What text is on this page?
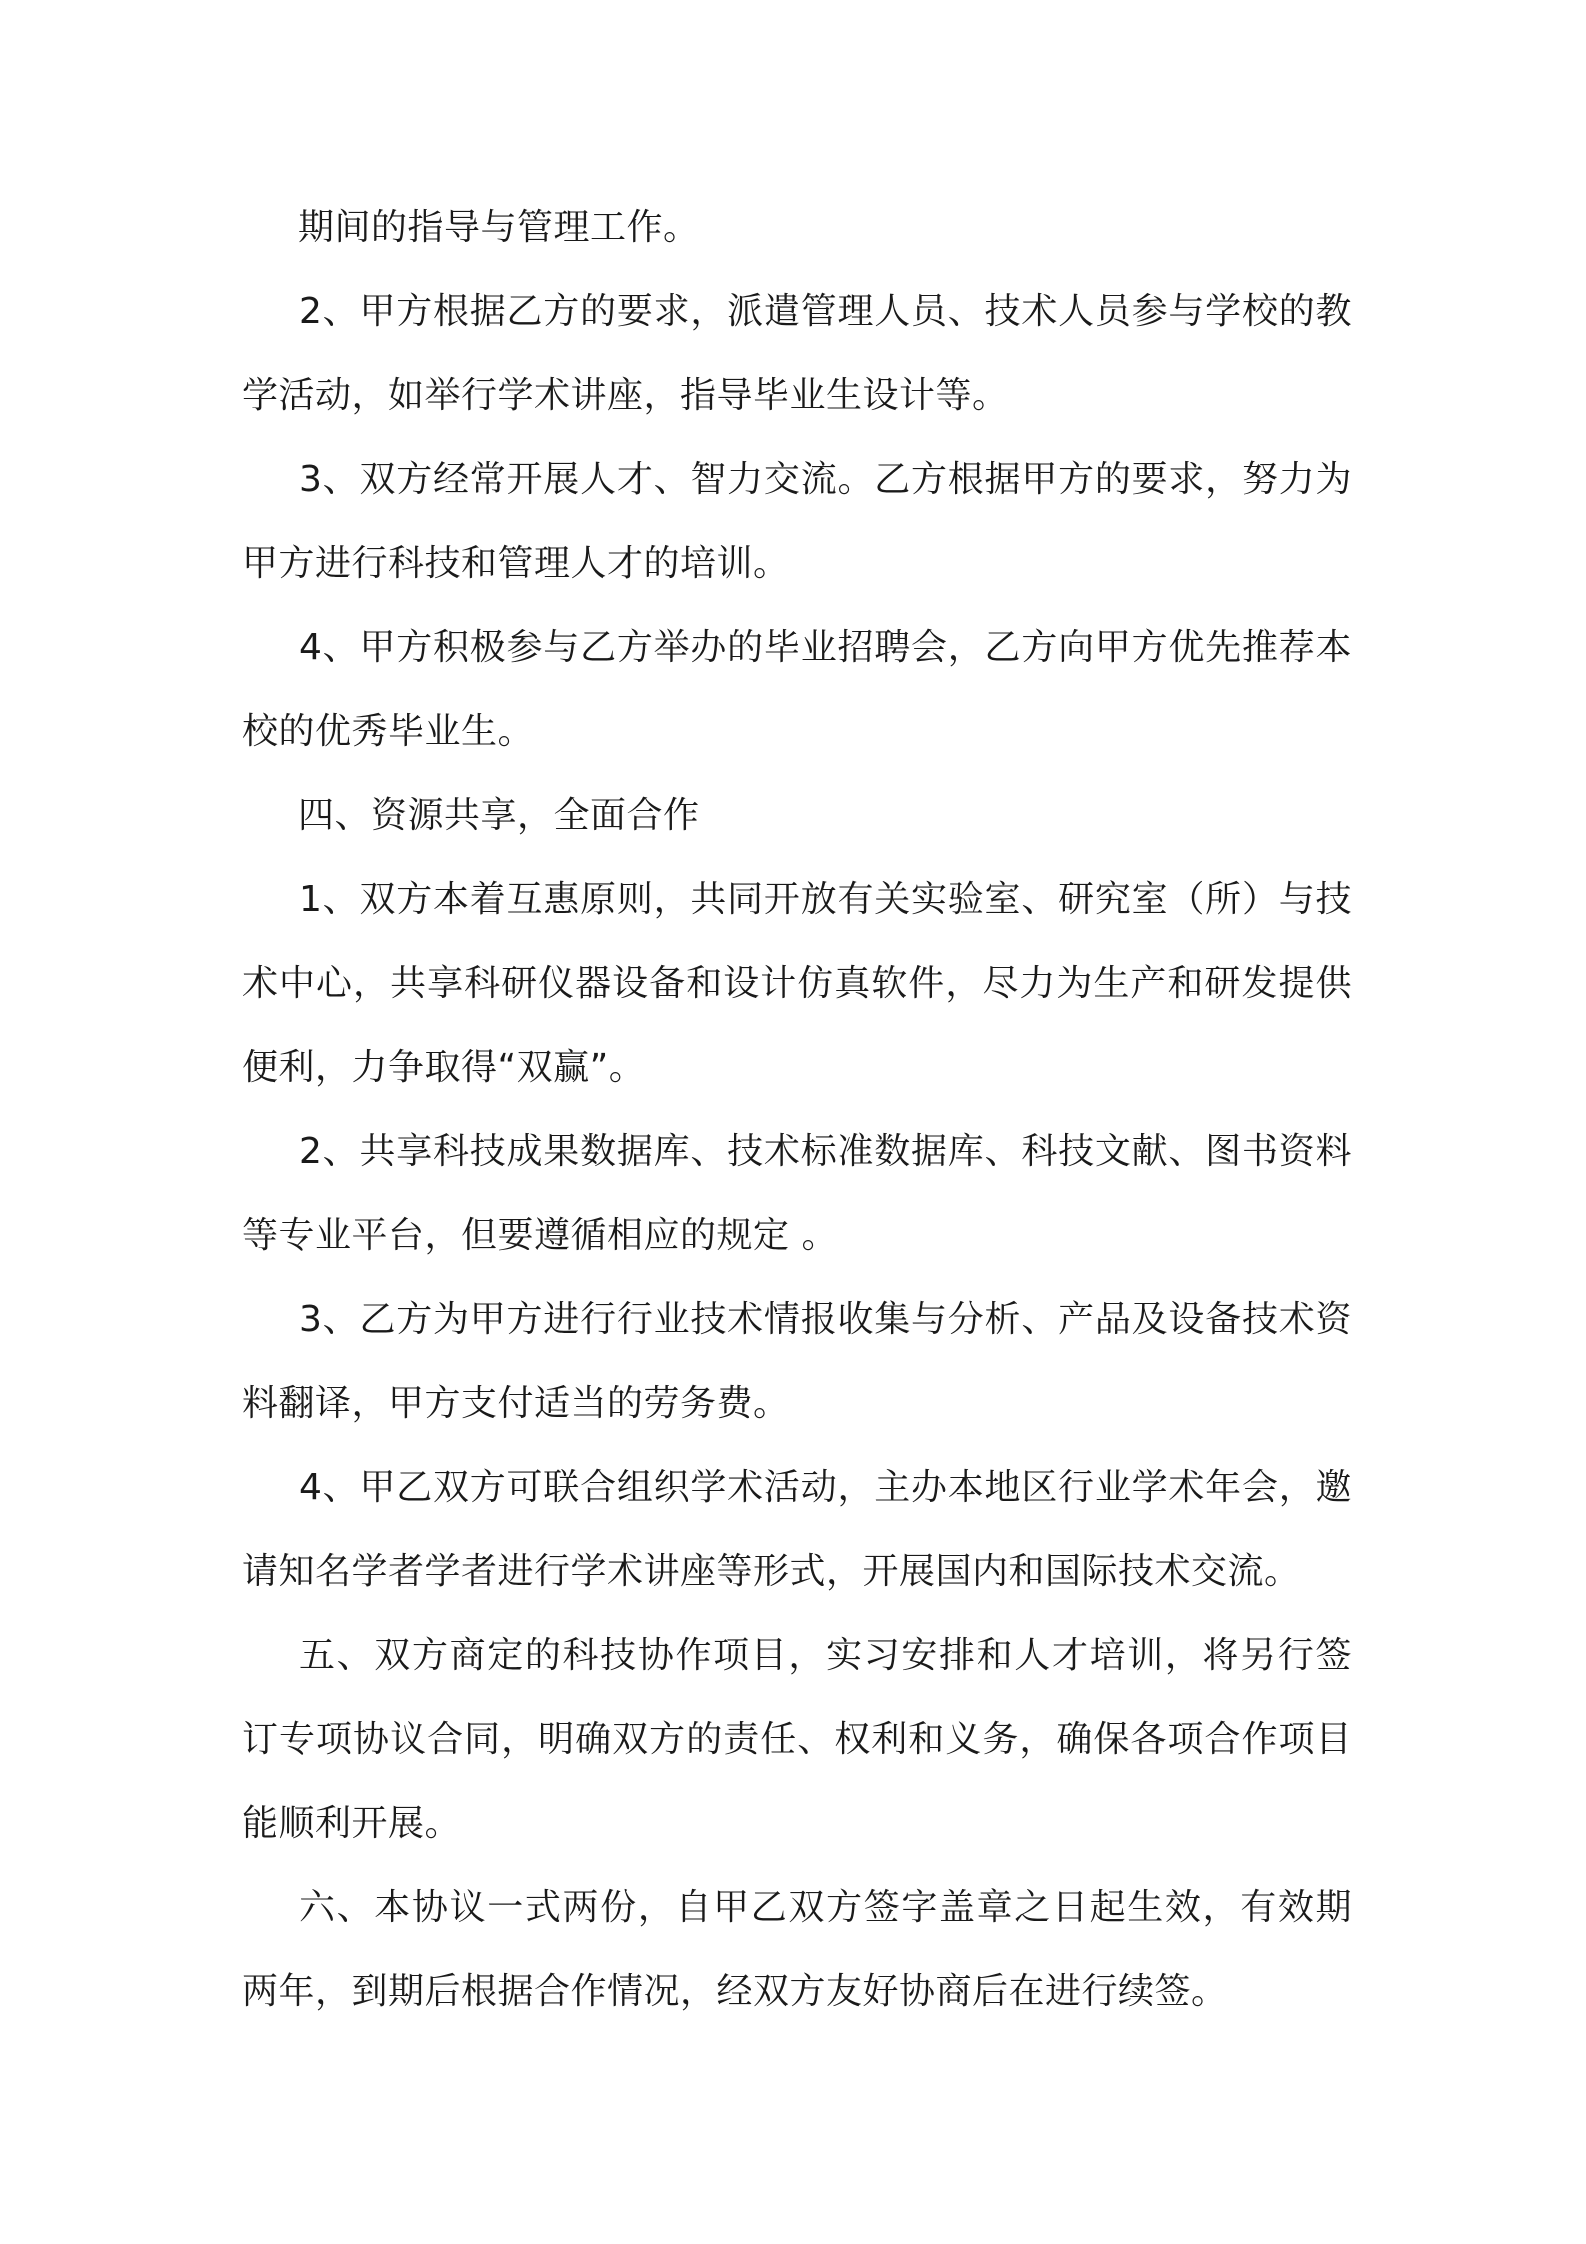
期间的指导与管理工作。

2、甲方根据乙方的要求，派遣管理人员、技术人员参与学校的教学活动，如举行学术讲座，指导毕业生设计等。

3、双方经常开展人才、智力交流。乙方根据甲方的要求，努力为甲方进行科技和管理人才的培训。

4、甲方积极参与乙方举办的毕业招聘会，乙方向甲方优先推荐本校的优秀毕业生。

四、资源共享，全面合作

1、双方本着互惠原则，共同开放有关实验室、研究室（所）与技术中心，共享科研仪器设备和设计仿真软件，尽力为生产和研发提供便利，力争取得“双赢”。

2、共享科技成果数据库、技术标准数据库、科技文献、图书资料等专业平台，但要遵循相应的规定 。

3、乙方为甲方进行行业技术情报收集与分析、产品及设备技术资料翻译，甲方支付适当的劳务费。

4、甲乙双方可联合组织学术活动，主办本地区行业学术年会，邀请知名学者学者进行学术讲座等形式，开展国内和国际技术交流。

五、双方商定的科技协作项目，实习安排和人才培训，将另行签订专项协议合同，明确双方的责任、权利和义务，确保各项合作项目能顺利开展。

六、本协议一式两份，自甲乙双方签字盖章之日起生效，有效期两年，到期后根据合作情况，经双方友好协商后在进行续签。
